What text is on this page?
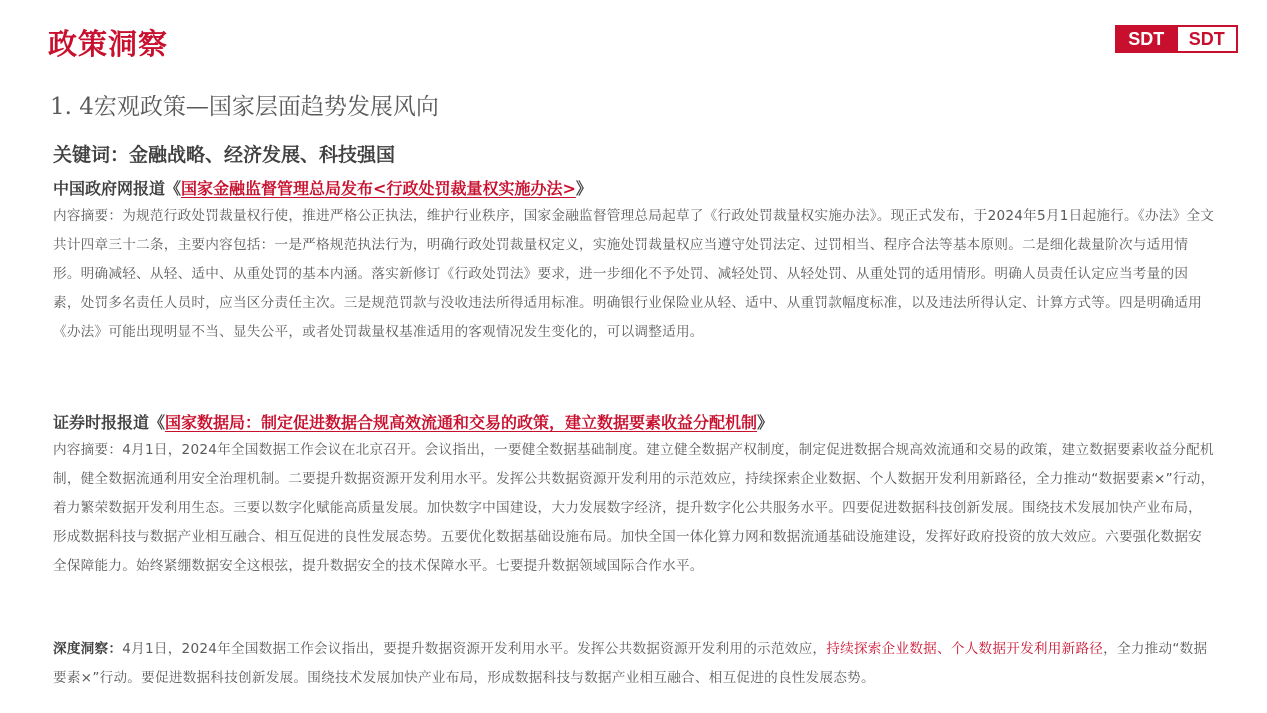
政策洞察	SDT	SDT
1. 4宏观政策—国家层面趋势发展风向

关键词：金融战略、经济发展、科技强国

中国政府网报道《国家金融监督管理总局发布<行政处罚裁量权实施办法>》

内容摘要：为规范行政处罚裁量权行使，推进严格公正执法，维护行业秩序，国家金融监督管理总局起草了《行政处罚裁量权实施办法》。现正式发布，于2024年5月1日起施行。《办法》全文共计四章三十二条，主要内容包括：一是严格规范执法行为，明确行政处罚裁量权定义，实施处罚裁量权应当遵守处罚法定、过罚相当、程序合法等基本原则。二是细化裁量阶次与适用情形。明确减轻、从轻、适中、从重处罚的基本内涵。落实新修订《行政处罚法》要求，进一步细化不予处罚、减轻处罚、从轻处罚、从重处罚的适用情形。明确人员责任认定应当考量的因素，处罚多名责任人员时，应当区分责任主次。三是规范罚款与没收违法所得适用标准。明确银行业保险业从轻、适中、从重罚款幅度标准，以及违法所得认定、计算方式等。四是明确适用《办法》可能出现明显不当、显失公平，或者处罚裁量权基准适用的客观情况发生变化的，可以调整适用。

证券时报报道《国家数据局：制定促进数据合规高效流通和交易的政策，建立数据要素收益分配机制》

内容摘要：4月1日，2024年全国数据工作会议在北京召开。会议指出，一要健全数据基础制度。建立健全数据产权制度，制定促进数据合规高效流通和交易的政策，建立数据要素收益分配机制，健全数据流通利用安全治理机制。二要提升数据资源开发利用水平。发挥公共数据资源开发利用的示范效应，持续探索企业数据、个人数据开发利用新路径，全力推动“数据要素×”行动，着力繁荣数据开发利用生态。三要以数字化赋能高质量发展。加快数字中国建设，大力发展数字经济，提升数字化公共服务水平。四要促进数据科技创新发展。围绕技术发展加快产业布局，形成数据科技与数据产业相互融合、相互促进的良性发展态势。五要优化数据基础设施布局。加快全国一体化算力网和数据流通基础设施建设，发挥好政府投资的放大效应。六要强化数据安全保障能力。始终紧绷数据安全这根弦，提升数据安全的技术保障水平。七要提升数据领域国际合作水平。

深度洞察：4月1日，2024年全国数据工作会议指出，要提升数据资源开发利用水平。发挥公共数据资源开发利用的示范效应，持续探索企业数据、个人数据开发利用新路径，全力推动“数据要素×”行动。要促进数据科技创新发展。围绕技术发展加快产业布局，形成数据科技与数据产业相互融合、相互促进的良性发展态势。
